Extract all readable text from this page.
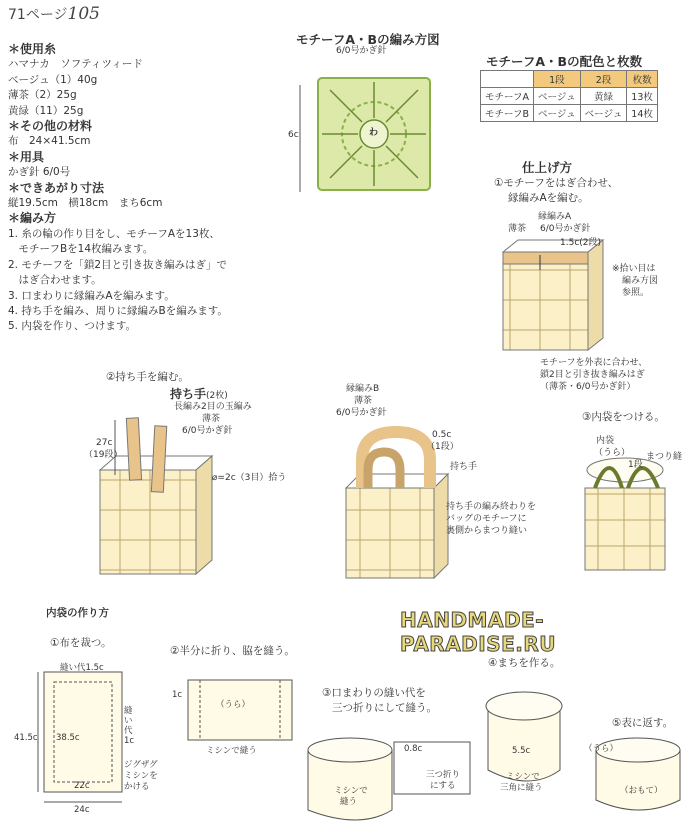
71ページ105
＊使用糸
ハマナカ　ソフティツィード
ベージュ（1）40g
薄茶（2）25g
黄緑（11）25g
＊その他の材料
布　24×41.5cm
＊用具
かぎ針 6/0号
＊できあがり寸法
縦19.5cm　横18cm　まち6cm
＊編み方
1. 糸の輪の作り目をし、モチーフAを13枚、
　モチーフBを14枚編みます。
2. モチーフを「鎖2目と引き抜き編みはぎ」で
　はぎ合わせます。
3. 口まわりに縁編みAを編みます。
4. 持ち手を編み、周りに縁編みBを編みます。
5. 内袋を作り、つけます。
モチーフA・Bの編み方図
6/0号かぎ針
6c	わ
モチーフA・Bの配色と枚数
	1段	2段	枚数
モチーフA	ベージュ	黄緑	13枚
モチーフB	ベージュ	ベージュ	14枚
仕上げ方
①モチーフをはぎ合わせ、
縁編みAを編む。
縁編みA
薄茶 6/0号かぎ針
1.5c(2段)
※拾い目は
編み方図
参照。
モチーフを外表に合わせ、
鎖2目と引き抜き編みはぎ
（薄茶・6/0号かぎ針）
②持ち手を編む。
持ち手(2枚)
長編み2目の玉編み
薄茶
6/0号かぎ針
27c
（19段）
⌀=2c（3目）拾う
縁編みB
薄茶
6/0号かぎ針
0.5c
（1段）
持ち手
持ち手の編み終わりを
バッグのモチーフに
裏側からまつり縫い
③内袋をつける。
内袋
（うら）
1段
まつり縫
HANDMADE-PARADISE.RU
内袋の作り方
①布を裁つ。
縫い代1.5c
縫
い
代
1c
41.5c 38.5c
ジグザグ
ミシンを
かける
22c
24c
②半分に折り、脇を縫う。
1c
（うら）
ミシンで縫う
③口まわりの縫い代を
三つ折りにして縫う。
0.8c
三つ折り
にする
ミシンで
縫う
④まちを作る。
5.5c
ミシンで
三角に縫う
⑤表に返す。
（うら）
（おもて）
